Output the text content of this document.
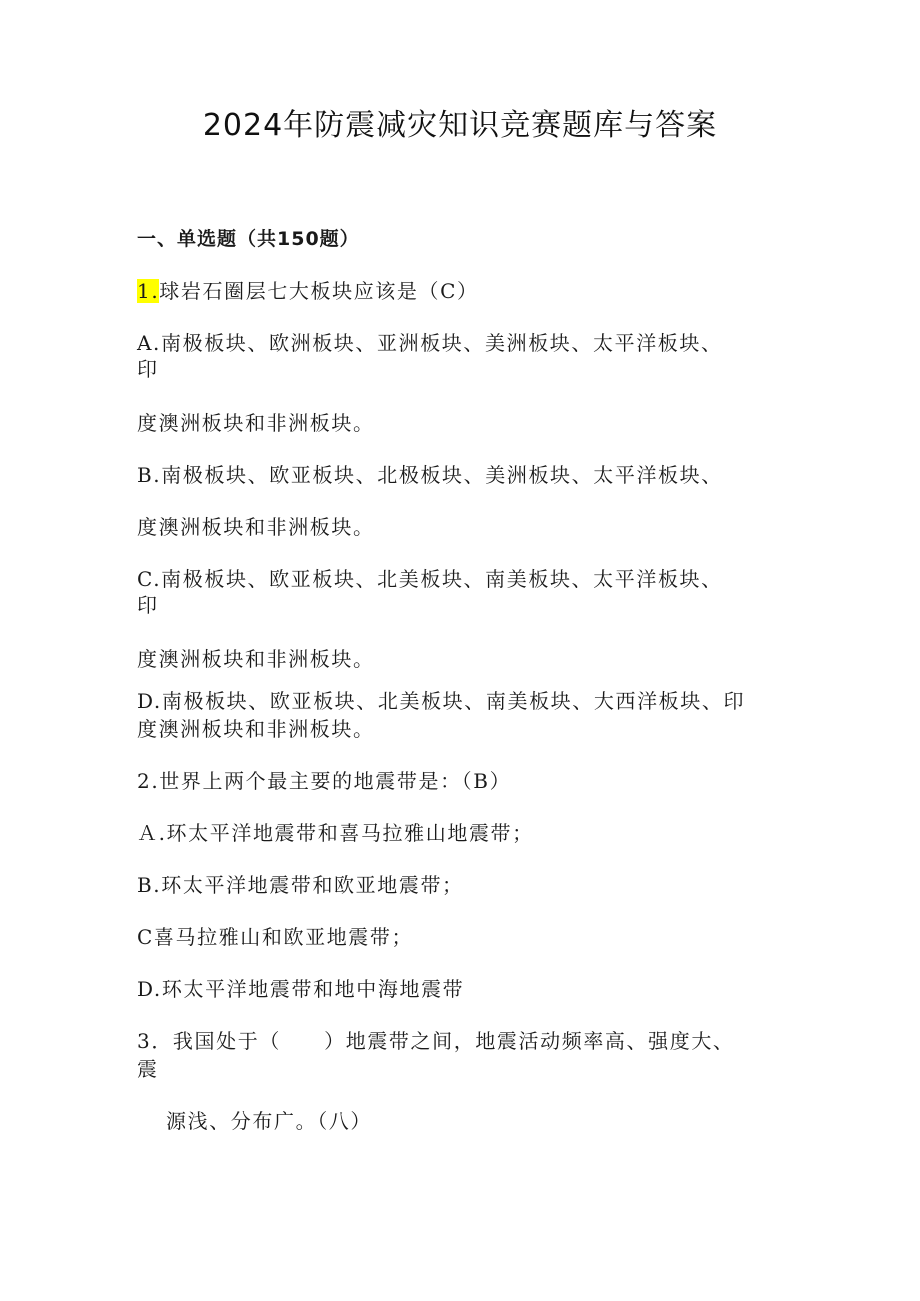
2024年防震减灾知识竞赛题库与答案
一、单选题（共150题）
1.球岩石圈层七大板块应该是（C）
A.南极板块、欧洲板块、亚洲板块、美洲板块、太平洋板块、
印
度澳洲板块和非洲板块。
B.南极板块、欧亚板块、北极板块、美洲板块、太平洋板块、
度澳洲板块和非洲板块。
C.南极板块、欧亚板块、北美板块、南美板块、太平洋板块、
印
度澳洲板块和非洲板块。
D.南极板块、欧亚板块、北美板块、南美板块、大西洋板块、印
度澳洲板块和非洲板块。
2.世界上两个最主要的地震带是：（B）
Ａ.环太平洋地震带和喜马拉雅山地震带；
B.环太平洋地震带和欧亚地震带；
C喜马拉雅山和欧亚地震带；
D.环太平洋地震带和地中海地震带
3．我国处于（　　）地震带之间，地震活动频率高、强度大、
震
源浅、分布广。（八）
